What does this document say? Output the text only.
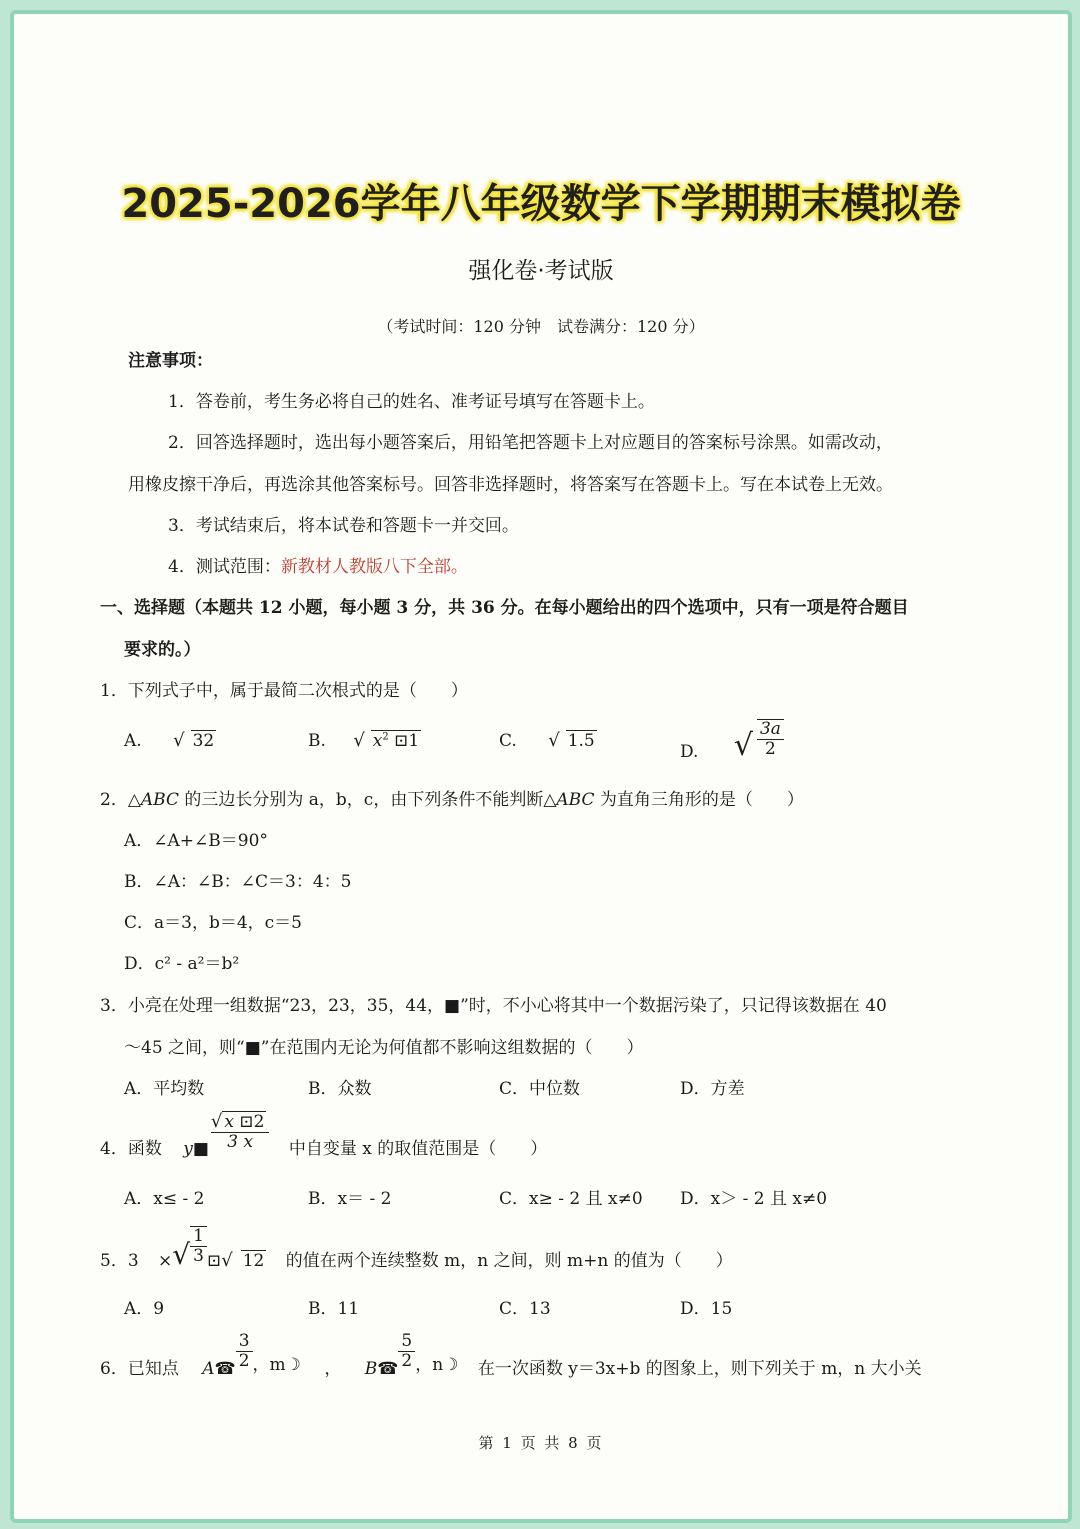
2025-2026学年八年级数学下学期期末模拟卷
强化卷·考试版
（考试时间：120 分钟　试卷满分：120 分）
注意事项：
1．答卷前，考生务必将自己的姓名、准考证号填写在答题卡上。
2．回答选择题时，选出每小题答案后，用铅笔把答题卡上对应题目的答案标号涂黑。如需改动，
用橡皮擦干净后，再选涂其他答案标号。回答非选择题时，将答案写在答题卡上。写在本试卷上无效。
3．考试结束后，将本试卷和答题卡一并交回。
4．测试范围：新教材人教版八下全部。
一、选择题（本题共 12 小题，每小题 3 分，共 36 分。在每小题给出的四个选项中，只有一项是符合题目
要求的。）
1．下列式子中，属于最简二次根式的是（　　）
A. √ 32	B. √ $x^2$ ⊡1	C. √ 1.5
D. √ $\frac{3a}{2}$
2．△ABC 的三边长分别为 a，b，c，由下列条件不能判断△ABC 为直角三角形的是（　　）
A．∠A+∠B＝90°
B．∠A：∠B：∠C＝3：4：5
C．a＝3，b＝4，c＝5
D．c² - a²＝b²
3．小亮在处理一组数据“23，23，35，44，■”时，不小心将其中一个数据污染了，只记得该数据在 40
～45 之间，则“■”在范围内无论为何值都不影响这组数据的（　　）
A．平均数	B．众数	C．中位数	D．方差
4．函数 y■ $\frac{√ x ⊡2}{3 x}$ 中自变量 x 的取值范围是（　　）
A．x≤ - 2	B．x＝ - 2	C．x≥ - 2 且 x≠0 D．x＞ - 2 且 x≠0
5．3 ×√ $\frac{1}{3}$ ⊡√ 12 的值在两个连续整数 m，n 之间，则 m+n 的值为（　　）
A．9	B．11	C．13	D．15
6．已知点 A☎ $\frac{3}{2}$ ，m☽ ， B☎ $\frac{5}{2}$ ，n☽ 在一次函数 y＝3x+b 的图象上，则下列关于 m，n 大小关
第 1 页 共 8 页
